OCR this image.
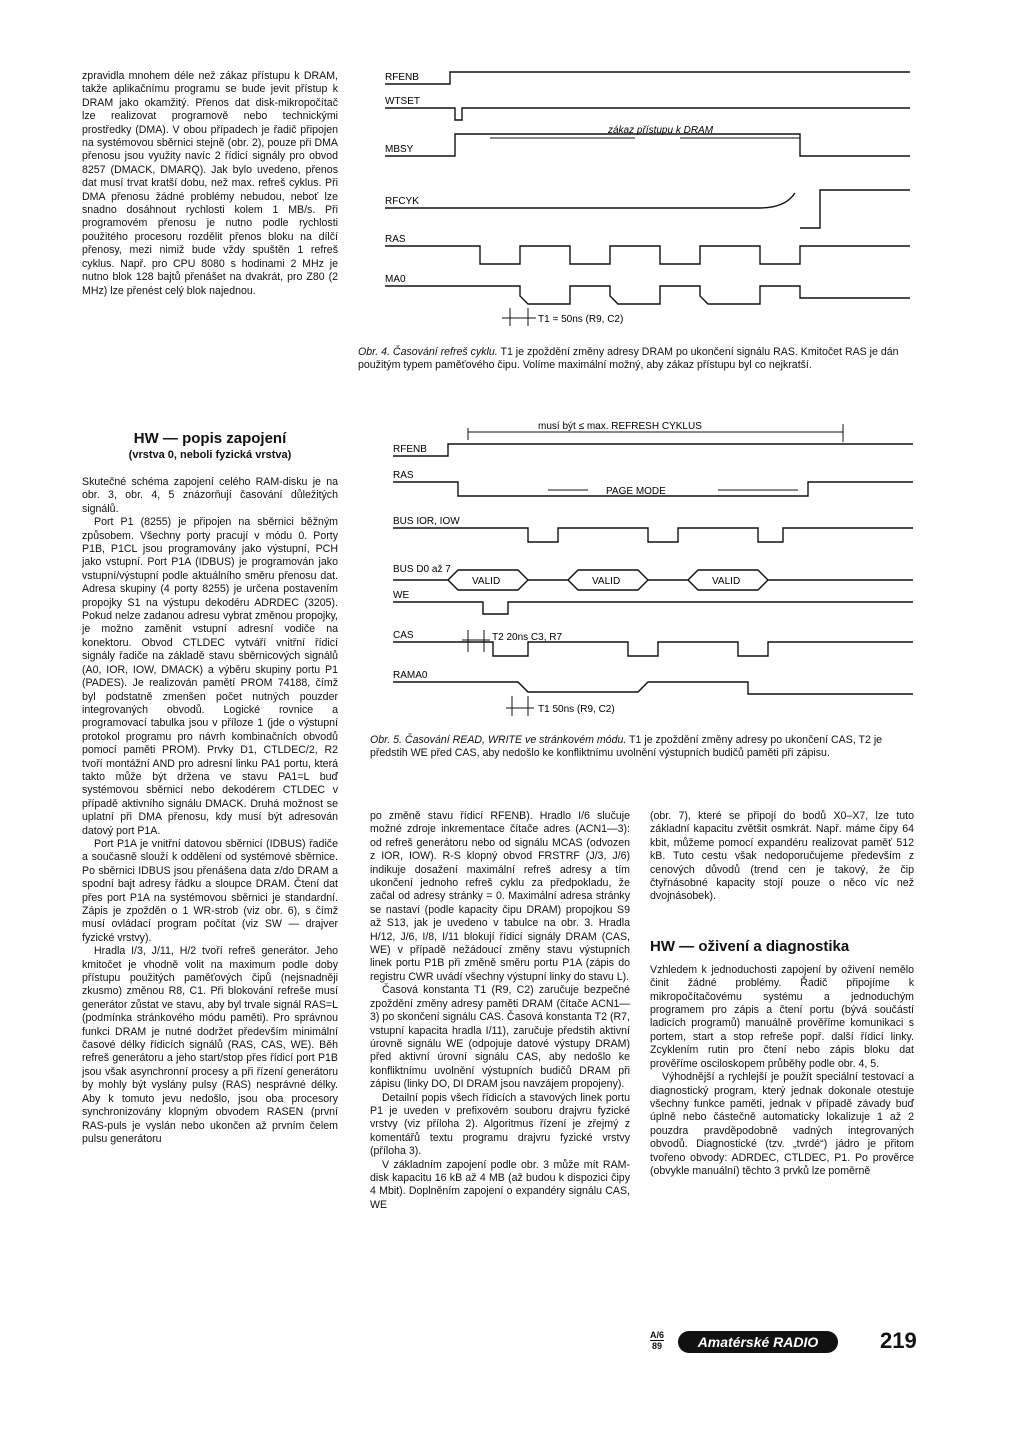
zpravidla mnohem déle než zákaz přístupu k DRAM, takže aplikačnímu programu se bude jevit přístup k DRAM jako okamžitý. Přenos dat disk-mikropočítač lze realizovat programově nebo technickými prostředky (DMA). V obou případech je řadič připojen na systémovou sběrnici stejně (obr. 2), pouze při DMA přenosu jsou využity navíc 2 řídicí signály pro obvod 8257 (DMACK, DMARQ). Jak bylo uvedeno, přenos dat musí trvat kratší dobu, než max. refreš cyklus. Při DMA přenosu žádné problémy nebudou, neboť lze snadno dosáhnout rychlosti kolem 1 MB/s. Při programovém přenosu je nutno podle rychlosti použitého procesoru rozdělit přenos bloku na dílčí přenosy, mezi nimiž bude vždy spuštěn 1 refreš cyklus. Např. pro CPU 8080 s hodinami 2 MHz je nutno blok 128 bajtů přenášet na dvakrát, pro Z80 (2 MHz) lze přenést celý blok najednou.

RFENB
WTSET
MBSY
RFCYK
RAS
MA0
zákaz přístupu k DRAM
T1 = 50ns (R9, C2)
Obr. 4. Časování refreš cyklu. T1 je zpoždění změny adresy DRAM po ukončení signálu RAS. Kmitočet RAS je dán použitým typem paměťového čipu. Volíme maximální možný, aby zákaz přístupu byl co nejkratší.
HW — popis zapojení
(vrstva 0, neboli fyzická vrstva)

Skutečné schéma zapojení celého RAM-disku je na obr. 3, obr. 4, 5 znázorňují časování důležitých signálů.

Port P1 (8255) je připojen na sběrnici běžným způsobem. Všechny porty pracují v módu 0. Porty P1B, P1CL jsou programovány jako výstupní, PCH jako vstupní. Port P1A (IDBUS) je programován jako vstupní/výstupní podle aktuálního směru přenosu dat. Adresa skupiny (4 porty 8255) je určena postavením propojky S1 na výstupu dekodéru ADRDEC (3205). Pokud nelze zadanou adresu vybrat změnou propojky, je možno zaměnit vstupní adresní vodiče na konektoru. Obvod CTLDEC vytváří vnitřní řídicí signály řadiče na základě stavu sběrnicových signálů (A0, IOR, IOW, DMACK) a výběru skupiny portu P1 (PADES). Je realizován pamětí PROM 74188, čímž byl podstatně zmenšen počet nutných pouzder integrovaných obvodů. Logické rovnice a programovací tabulka jsou v příloze 1 (jde o výstupní protokol programu pro návrh kombinačních obvodů pomocí paměti PROM). Prvky D1, CTLDEC/2, R2 tvoří montážní AND pro adresní linku PA1 portu, která takto může být držena ve stavu PA1=L buď systémovou sběrnicí nebo dekodérem CTLDEC v případě aktivního signálu DMACK. Druhá možnost se uplatní při DMA přenosu, kdy musí být adresován datový port P1A.

Port P1A je vnitřní datovou sběrnicí (IDBUS) řadiče a současně slouží k oddělení od systémové sběrnice. Po sběrnici IDBUS jsou přenášena data z/do DRAM a spodní bajt adresy řádku a sloupce DRAM. Čtení dat přes port P1A na systémovou sběrnici je standardní. Zápis je zpožděn o 1 WR-strob (viz obr. 6), s čímž musí ovládací program počítat (viz SW — drajver fyzické vrstvy).

Hradla I/3, J/11, H/2 tvoří refreš generátor. Jeho kmitočet je vhodně volit na maximum podle doby přístupu použitých paměťových čipů (nejsnadněji zkusmo) změnou R8, C1. Při blokování refreše musí generátor zůstat ve stavu, aby byl trvale signál RAS=L (podmínka stránkového módu paměti). Pro správnou funkci DRAM je nutné dodržet především minimální časové délky řídicích signálů (RAS, CAS, WE). Běh refreš generátoru a jeho start/stop přes řídicí port P1B jsou však asynchronní procesy a při řízení generátoru by mohly být vyslány pulsy (RAS) nesprávné délky. Aby k tomuto jevu nedošlo, jsou oba procesory synchronizovány klopným obvodem RASEN (první RAS-puls je vyslán nebo ukončen až prvním čelem pulsu generátoru

musí být ≤ max. REFRESH CYKLUS
RFENB
RAS
BUS IOR, IOW
BUS D0 až 7
WE
CAS
RAMA0
PAGE MODE
VALID	VALID	VALID
T2 20ns C3, R7
T1 50ns (R9, C2)
Obr. 5. Časování READ, WRITE ve stránkovém módu. T1 je zpoždění změny adresy po ukončení CAS, T2 je předstih WE před CAS, aby nedošlo ke konfliktnímu uvolnění výstupních budičů paměti při zápisu.

po změně stavu řídicí RFENB). Hradlo I/6 slučuje možné zdroje inkrementace čítače adres (ACN1—3): od refreš generátoru nebo od signálu MCAS (odvozen z IOR, IOW). R-S klopný obvod FRSTRF (J/3, J/6) indikuje dosažení maximální refreš adresy a tím ukončení jednoho refreš cyklu za předpokladu, že začal od adresy stránky = 0. Maximální adresa stránky se nastaví (podle kapacity čipu DRAM) propojkou S9 až S13, jak je uvedeno v tabulce na obr. 3. Hradla H/12, J/6, I/8, I/11 blokují řídicí signály DRAM (CAS, WE) v případě nežádoucí změny stavu výstupních linek portu P1B při změně směru portu P1A (zápis do registru CWR uvádí všechny výstupní linky do stavu L).

Časová konstanta T1 (R9, C2) zaručuje bezpečné zpoždění změny adresy paměti DRAM (čítače ACN1—3) po skončení signálu CAS. Časová konstanta T2 (R7, vstupní kapacita hradla I/11), zaručuje předstih aktivní úrovně signálu WE (odpojuje datové výstupy DRAM) před aktivní úrovní signálu CAS, aby nedošlo ke konfliktnímu uvolnění výstupních budičů DRAM při zápisu (linky DO, DI DRAM jsou navzájem propojeny).

Detailní popis všech řídicích a stavových linek portu P1 je uveden v prefixovém souboru drajvru fyzické vrstvy (viz příloha 2). Algoritmus řízení je zřejmý z komentářů textu programu drajvru fyzické vrstvy (příloha 3).

V základním zapojení podle obr. 3 může mít RAM-disk kapacitu 16 kB až 4 MB (až budou k dispozici čipy 4 Mbit). Doplněním zapojení o expandéry signálu CAS, WE

(obr. 7), které se připojí do bodů X0–X7, lze tuto základní kapacitu zvětšit osmkrát. Např. máme čipy 64 kbit, můžeme pomocí expandéru realizovat paměť 512 kB. Tuto cestu však nedoporučujeme především z cenových důvodů (trend cen je takový, že čip čtyřnásobné kapacity stojí pouze o něco víc než dvojnásobek).

HW — oživení a diagnostika

Vzhledem k jednoduchosti zapojení by oživení nemělo činit žádné problémy. Řadič připojíme k mikropočítačovému systému a jednoduchým programem pro zápis a čtení portu (bývá součástí ladicích programů) manuálně prověříme komunikaci s portem, start a stop refreše popř. další řídicí linky. Zcyklením rutin pro čtení nebo zápis bloku dat prověříme osciloskopem průběhy podle obr. 4, 5.

Výhodnější a rychlejší je použít speciální testovací a diagnostický program, který jednak dokonale otestuje všechny funkce paměti, jednak v případě závady buď úplně nebo částečně automaticky lokalizuje 1 až 2 pouzdra pravděpodobně vadných integrovaných obvodů. Diagnostické (tzv. „tvrdé“) jádro je přitom tvořeno obvody: ADRDEC, CTLDEC, P1. Po prověrce (obvykle manuální) těchto 3 prvků lze poměrně

A/6
89	Amatérské RADIO	219
